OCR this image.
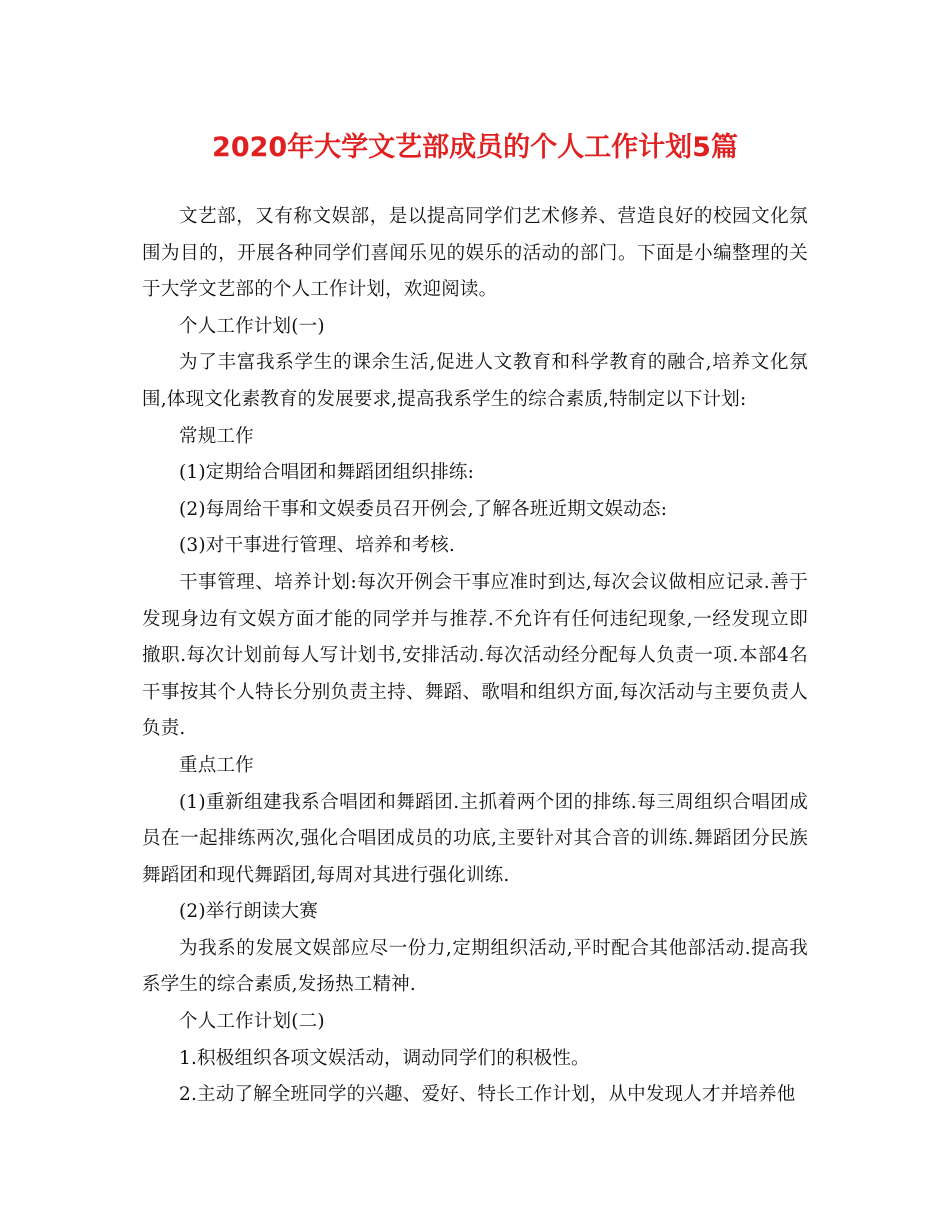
2020年大学文艺部成员的个人工作计划5篇

文艺部，又有称文娱部，是以提高同学们艺术修养、营造良好的校园文化氛围为目的，开展各种同学们喜闻乐见的娱乐的活动的部门。下面是小编整理的关于大学文艺部的个人工作计划，欢迎阅读。

个人工作计划(一)

为了丰富我系学生的课余生活,促进人文教育和科学教育的融合,培养文化氛围,体现文化素教育的发展要求,提高我系学生的综合素质,特制定以下计划:

常规工作

(1)定期给合唱团和舞蹈团组织排练:

(2)每周给干事和文娱委员召开例会,了解各班近期文娱动态:

(3)对干事进行管理、培养和考核.

干事管理、培养计划:每次开例会干事应准时到达,每次会议做相应记录.善于发现身边有文娱方面才能的同学并与推荐.不允许有任何违纪现象,一经发现立即撤职.每次计划前每人写计划书,安排活动.每次活动经分配每人负责一项.本部4名干事按其个人特长分别负责主持、舞蹈、歌唱和组织方面,每次活动与主要负责人负责.

重点工作

(1)重新组建我系合唱团和舞蹈团.主抓着两个团的排练.每三周组织合唱团成员在一起排练两次,强化合唱团成员的功底,主要针对其合音的训练.舞蹈团分民族舞蹈团和现代舞蹈团,每周对其进行强化训练.

(2)举行朗读大赛

为我系的发展文娱部应尽一份力,定期组织活动,平时配合其他部活动.提高我系学生的综合素质,发扬热工精神.

个人工作计划(二)

1.积极组织各项文娱活动，调动同学们的积极性。

2.主动了解全班同学的兴趣、爱好、特长工作计划，从中发现人才并培养他
